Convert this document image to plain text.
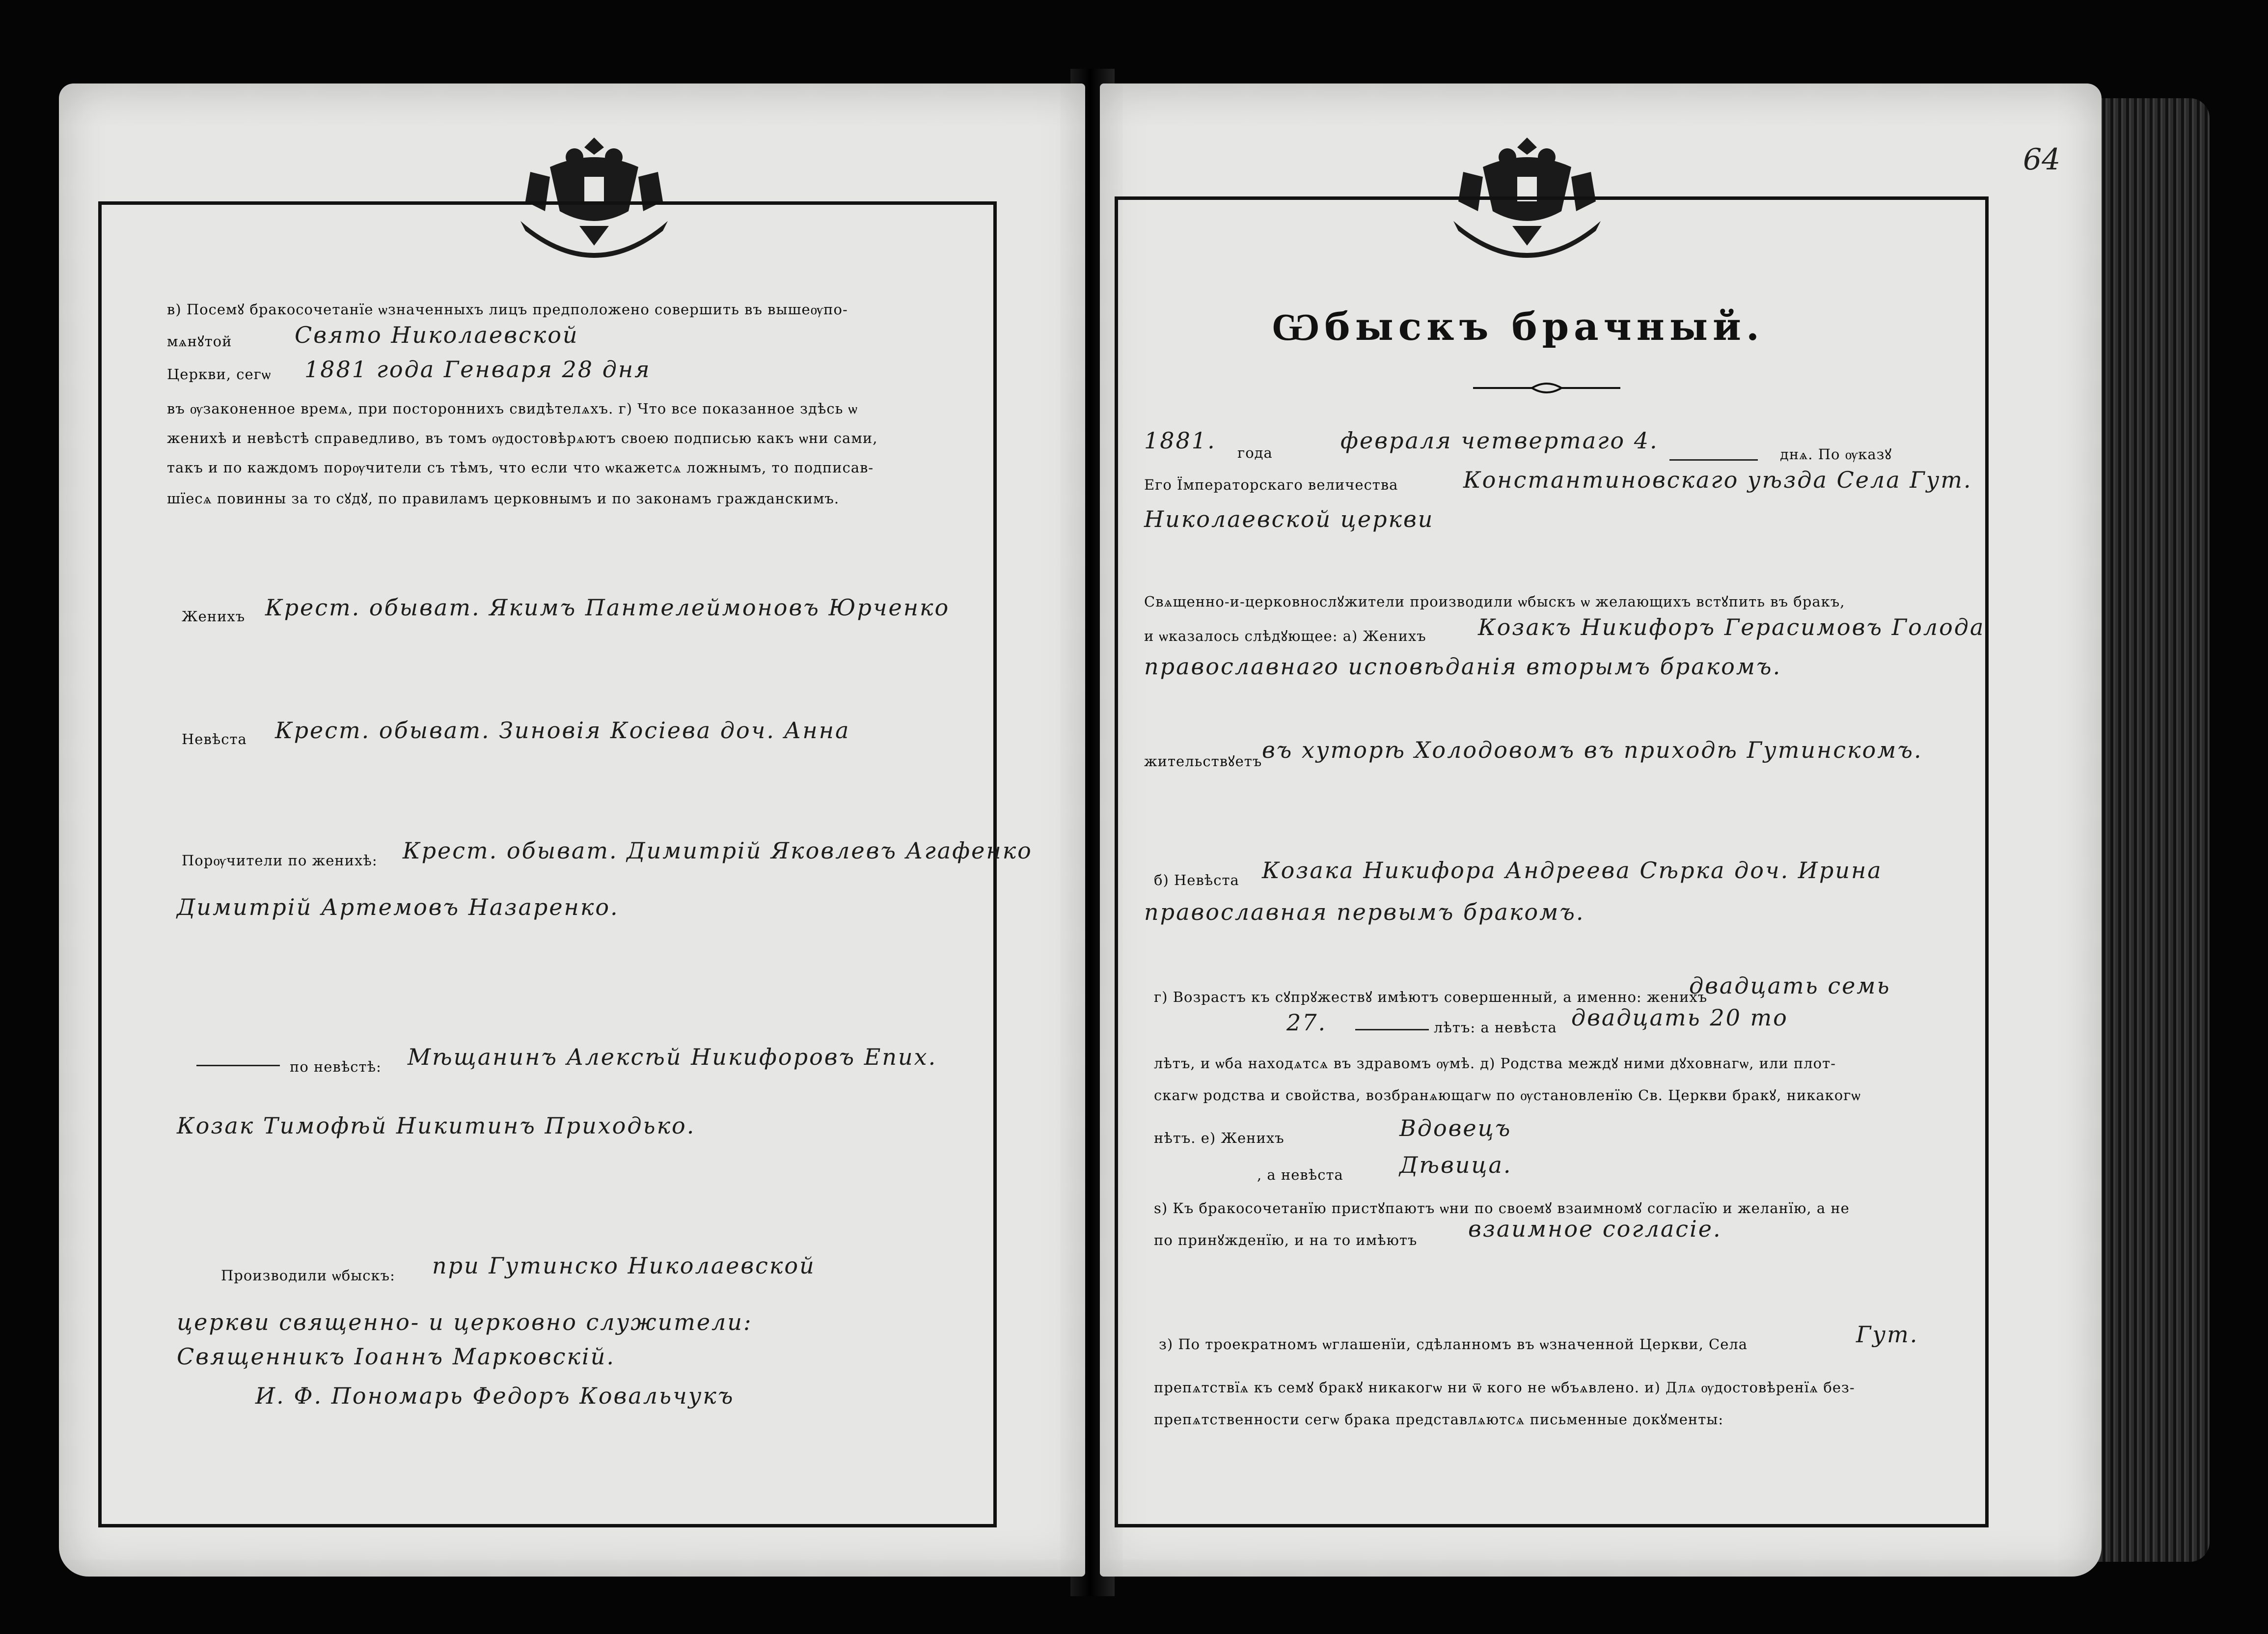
в) Посемꙋ бракосочетанїе ѡзначенныхъ лицъ предположено совершить въ вышеѹпо-
мѧнꙋтой	Свято Николаевской
Церкви, сегѡ 1881 года Генваря 28 дня
въ ѹзаконенное времѧ, при постороннихъ свидѣтелѧхъ. г) Что все показанное здѣсь ѡ
женихѣ и невѣстѣ справедливо, въ томъ ѹдостовѣрѧютъ своею подписью какъ ѡни сами,
такъ и по каждомъ порѹчители съ тѣмъ, что если что ѡкажетсѧ ложнымъ, то подписав-
шїесѧ повинны за то сꙋдꙋ, по правиламъ церковнымъ и по законамъ гражданскимъ.
Женихъ Крест. обыват. Якимъ Пантелеймоновъ Юрченко
Невѣста Крест. обыват. Зиновія Косіева доч. Анна
Порѹчители по женихѣ: Крест. обыват. Димитрій Яковлевъ Агафенко
Димитрій Артемовъ Назаренко.
по невѣстѣ: Мѣщанинъ Алексѣй Никифоровъ Епих.
Козак Тимофѣй Никитинъ Приходько.
Производили ѡбыскъ: при Гутинско Николаевской
церкви священно- и церковно служители:
Священникъ Іоаннъ Марковскій.
И. Ф. Пономарь Федоръ Ковальчукъ
64
Ѡбыскъ брачный.
1881. года	февраля четвертаго 4.
днѧ. По ѹказꙋ
Его Їмператорскаго величества	Константиновскаго уѣзда Села Гут.
Николаевской церкви
Свѧщенно-и-церковнослꙋжители производили ѡбыскъ ѡ желающихъ встꙋпить въ бракъ,
и ѡказалось слѣдꙋющее: а) Женихъ Козакъ Никифоръ Герасимовъ Голода
православнаго исповѣданія вторымъ бракомъ.
жительствꙋетъ въ хуторѣ Холодовомъ въ приходѣ Гутинскомъ.
б) Невѣста Козака Никифора Андреева Сѣрка доч. Ирина
православная первымъ бракомъ.
г) Возрастъ къ сꙋпрꙋжествꙋ имѣютъ совершенный, а именно: женихъ
двадцать семь
27.	лѣтъ: а невѣста двадцать 20 то
лѣтъ, и ѡба находѧтсѧ въ здравомъ ѹмѣ. д) Родства междꙋ ними дꙋховнагѡ, или плот-
скагѡ родства и свойства, возбранѧющагѡ по ѹстановленїю Св. Церкви бракꙋ, никакогѡ
нѣтъ. е) Женихъ	Вдовецъ
, а невѣста Дѣвица.
ѕ) Къ бракосочетанїю пристꙋпаютъ ѡни по своемꙋ взаимномꙋ согласїю и желанїю, а не
по принꙋжденїю, и на то имѣютъ взаимное согласіе.
з) По троекратномъ ѡглашенїи, сдѣланномъ въ ѡзначенной Церкви, Села	Гут.
препѧтствїѧ къ семꙋ бракꙋ никакогѡ ни ѿ кого не ѡбъѧвлено. и) Длѧ ѹдостовѣренїѧ без-
препѧтственности сегѡ брака представлѧютсѧ письменные докꙋменты:
